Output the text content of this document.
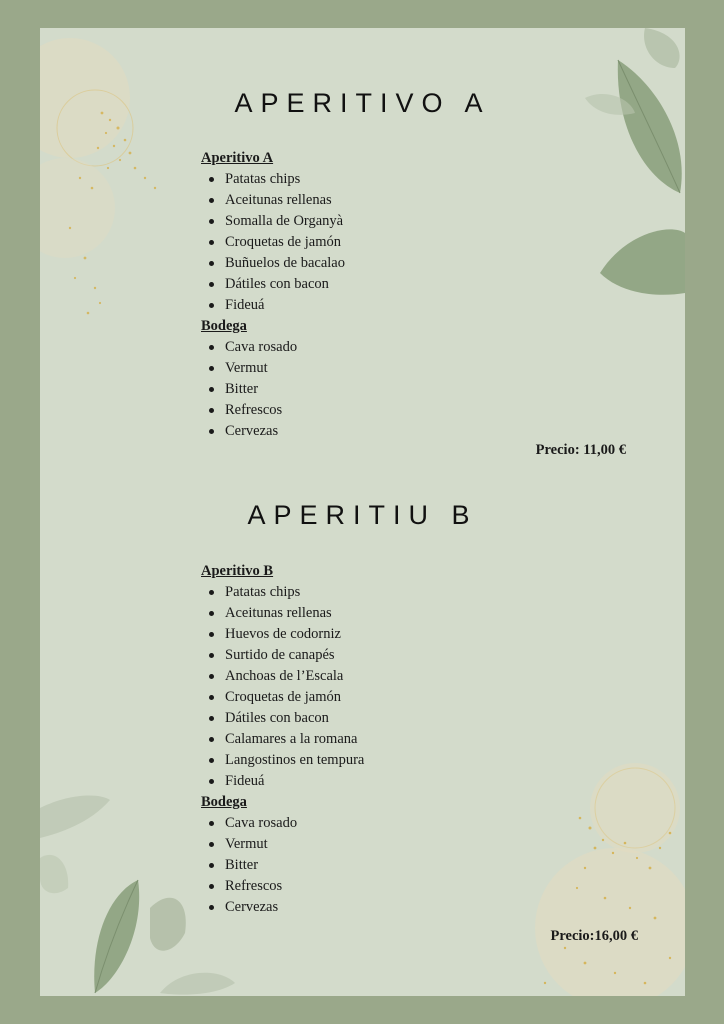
APERITIVO A
Aperitivo A
Patatas chips
Aceitunas rellenas
Somalla de Organyà
Croquetas de jamón
Buñuelos de bacalao
Dátiles con bacon
Fideuá
Bodega
Cava rosado
Vermut
Bitter
Refrescos
Cervezas
Precio: 11,00 €
APERITIU B
Aperitivo B
Patatas chips
Aceitunas rellenas
Huevos de codorniz
Surtido de canapés
Anchoas de l’Escala
Croquetas de jamón
Dátiles con bacon
Calamares a la romana
Langostinos en tempura
Fideuá
Bodega
Cava rosado
Vermut
Bitter
Refrescos
Cervezas
Precio:16,00 €
